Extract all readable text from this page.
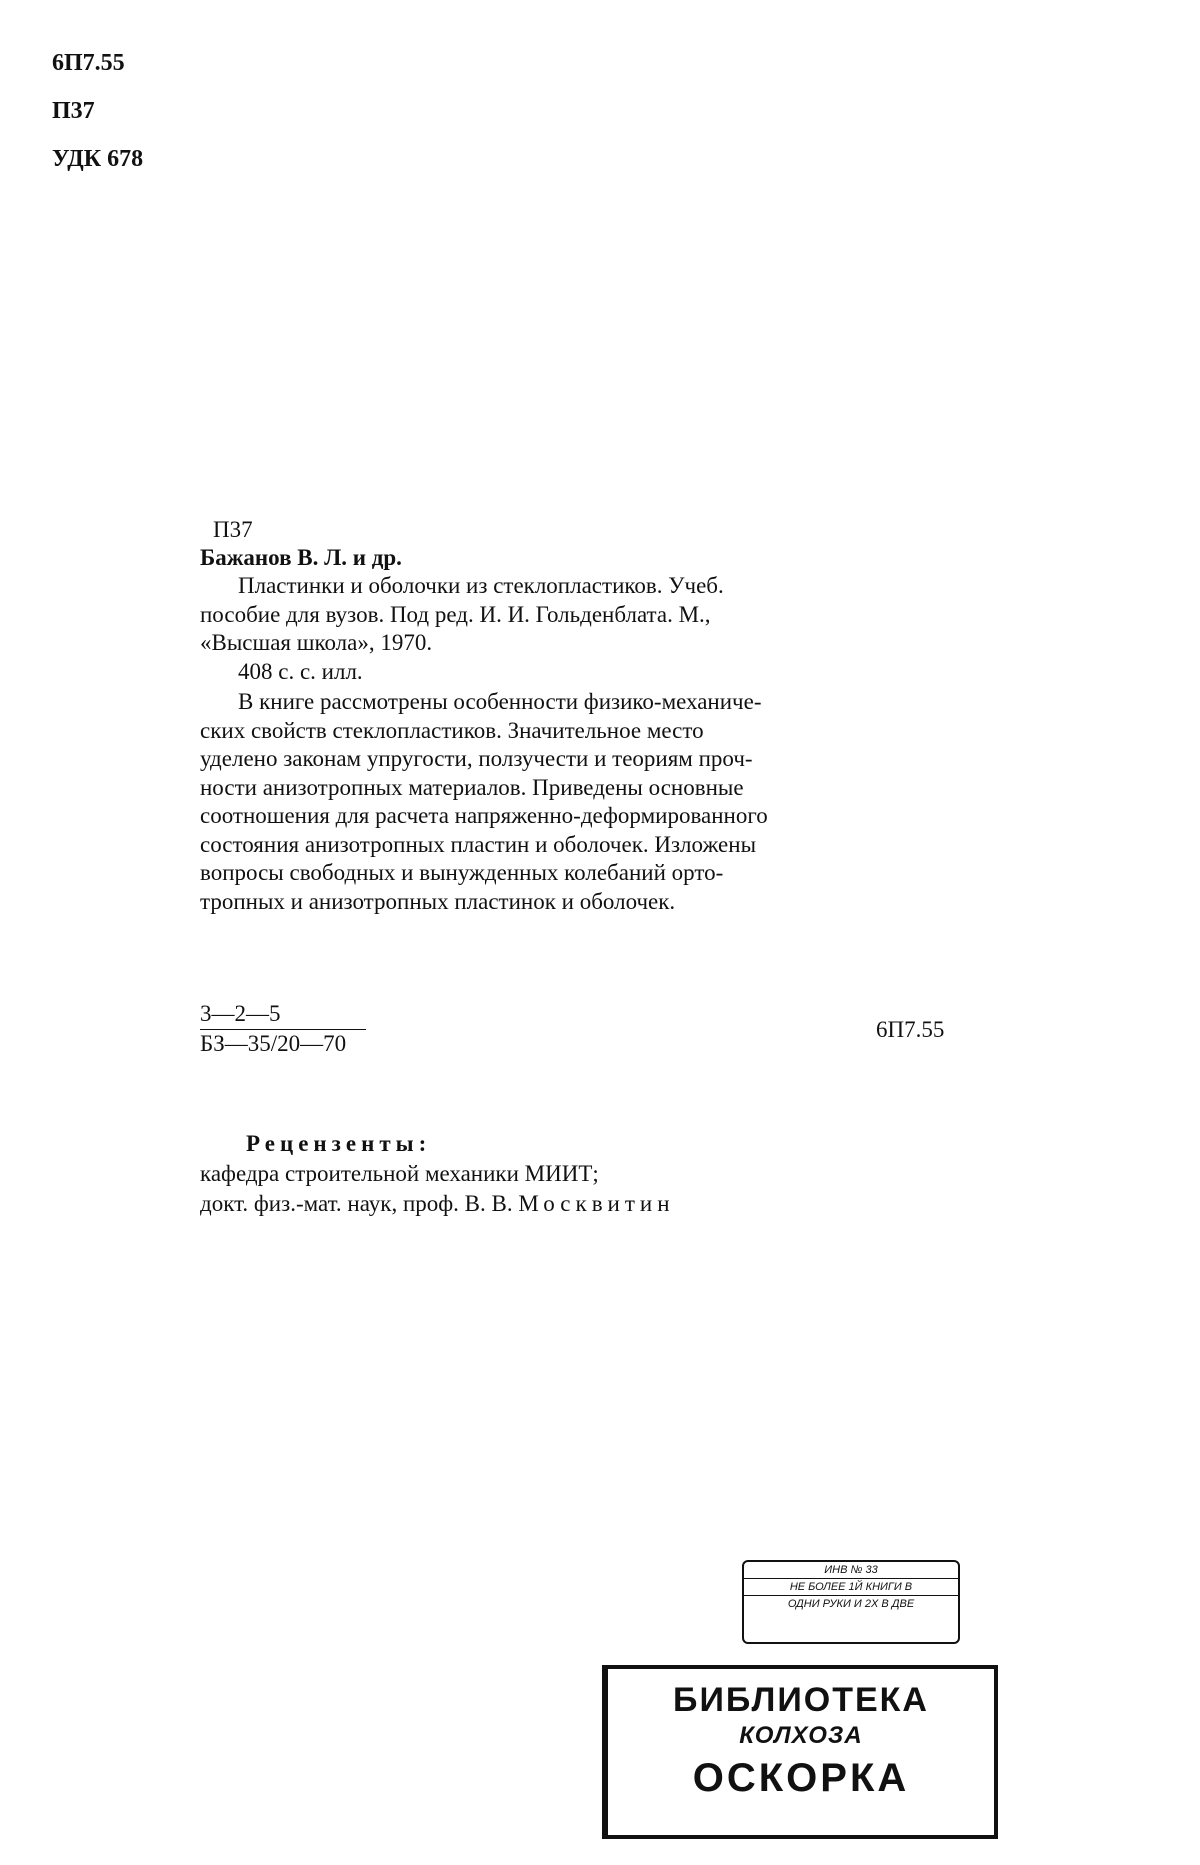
6П7.55
П37
УДК 678
П37
Бажанов В. Л. и др.
Пластинки и оболочки из стеклопластиков. Учеб.
пособие для вузов. Под ред. И. И. Гольденблата. М.,
«Высшая школа», 1970.
408 с. с. илл.
В книге рассмотрены особенности физико-механиче-
ских свойств стеклопластиков. Значительное место
уделено законам упругости, ползучести и теориям проч-
ности анизотропных материалов. Приведены основные
соотношения для расчета напряженно-деформированного
состояния анизотропных пластин и оболочек. Изложены
вопросы свободных и вынужденных колебаний орто-
тропных и анизотропных пластинок и оболочек.
3—2—5
БЗ—35/20—70
6П7.55
Рецензенты:
кафедра строительной механики МИИТ;
докт. физ.-мат. наук, проф. В. В. Москвитин
ИНВ № 33
НЕ БОЛЕЕ 1Й КНИГИ В
ОДНИ РУКИ И 2Х В ДВЕ
БИБЛИОТЕКА
КОЛХОЗА
ОСКОРКА
